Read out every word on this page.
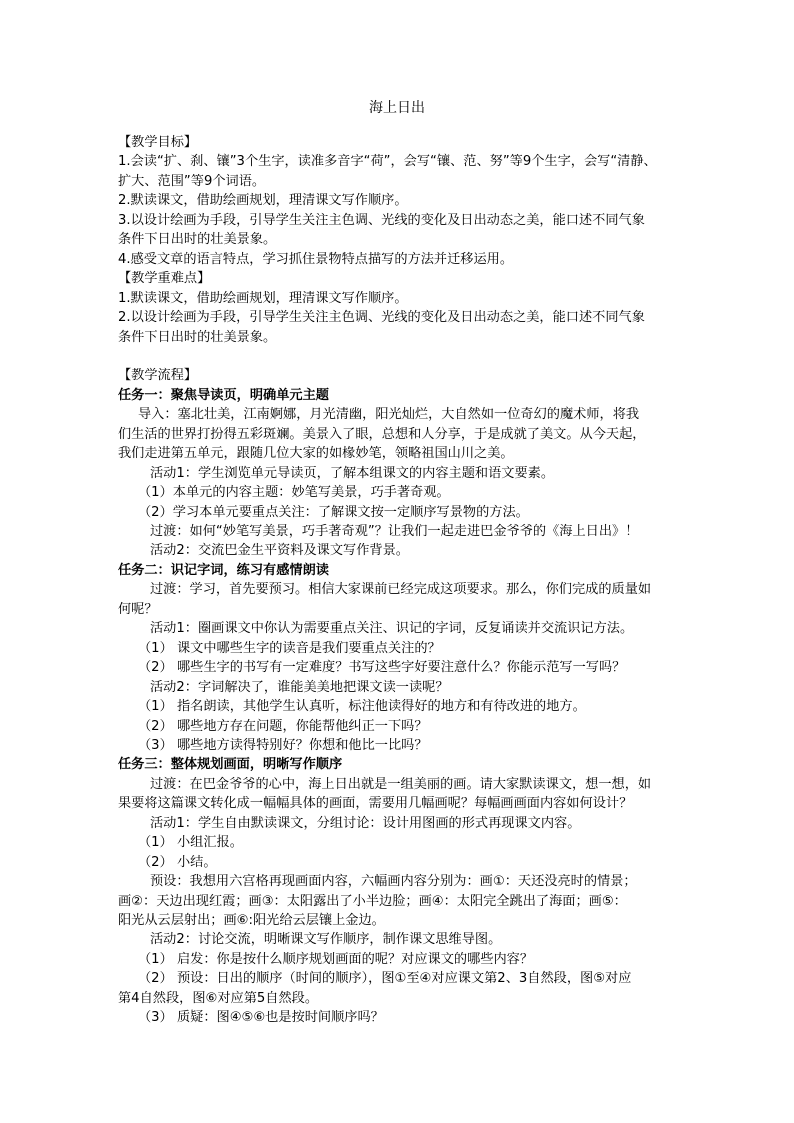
海上日出
【教学目标】
1.会读“扩、刹、镶”3个生字，读准多音字“荷”，会写“镶、范、努”等9个生字，会写“清静、
扩大、范围”等9个词语。
2.默读课文，借助绘画规划，理清课文写作顺序。
3.以设计绘画为手段，引导学生关注主色调、光线的变化及日出动态之美，能口述不同气象
条件下日出时的壮美景象。
4.感受文章的语言特点，学习抓住景物特点描写的方法并迁移运用。
【教学重难点】
1.默读课文，借助绘画规划，理清课文写作顺序。
2.以设计绘画为手段，引导学生关注主色调、光线的变化及日出动态之美，能口述不同气象
条件下日出时的壮美景象。
【教学流程】
任务一：聚焦导读页，明确单元主题
导入：塞北壮美，江南婀娜，月光清幽，阳光灿烂，大自然如一位奇幻的魔术师，将我
们生活的世界打扮得五彩斑斓。美景入了眼，总想和人分享，于是成就了美文。从今天起，
我们走进第五单元，跟随几位大家的如椽妙笔，领略祖国山川之美。
活动1：学生浏览单元导读页，了解本组课文的内容主题和语文要素。
（1）本单元的内容主题：妙笔写美景，巧手著奇观。
（2）学习本单元要重点关注：了解课文按一定顺序写景物的方法。
过渡：如何“妙笔写美景，巧手著奇观”？让我们一起走进巴金爷爷的《海上日出》！
活动2：交流巴金生平资料及课文写作背景。
任务二：识记字词，练习有感情朗读
过渡：学习，首先要预习。相信大家课前已经完成这项要求。那么，你们完成的质量如
何呢？
活动1：圈画课文中你认为需要重点关注、识记的字词，反复诵读并交流识记方法。
（1） 课文中哪些生字的读音是我们要重点关注的？
（2） 哪些生字的书写有一定难度？书写这些字好要注意什么？你能示范写一写吗？
活动2：字词解决了，谁能美美地把课文读一读呢？
（1） 指名朗读，其他学生认真听，标注他读得好的地方和有待改进的地方。
（2） 哪些地方存在问题，你能帮他纠正一下吗？
（3） 哪些地方读得特别好？你想和他比一比吗？
任务三：整体规划画面，明晰写作顺序
过渡：在巴金爷爷的心中，海上日出就是一组美丽的画。请大家默读课文，想一想，如
果要将这篇课文转化成一幅幅具体的画面，需要用几幅画呢？每幅画画面内容如何设计？
活动1：学生自由默读课文，分组讨论：设计用图画的形式再现课文内容。
（1） 小组汇报。
（2） 小结。
预设：我想用六宫格再现画面内容，六幅画内容分别为：画①：天还没亮时的情景；
画②：天边出现红霞；画③：太阳露出了小半边脸；画④：太阳完全跳出了海面；画⑤：
阳光从云层射出；画⑥:阳光给云层镶上金边。
活动2：讨论交流，明晰课文写作顺序，制作课文思维导图。
（1） 启发：你是按什么顺序规划画面的呢？对应课文的哪些内容？
（2） 预设：日出的顺序（时间的顺序），图①至④对应课文第2、3自然段，图⑤对应
第4自然段，图⑥对应第5自然段。
（3） 质疑：图④⑤⑥也是按时间顺序吗？
